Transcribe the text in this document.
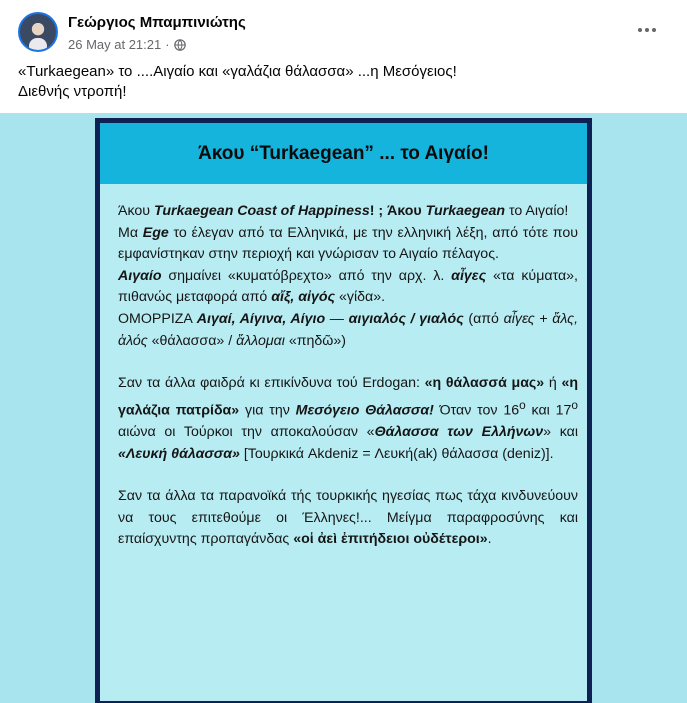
Γεώργιος Μπαμπινιώτης
26 May at 21:21 ·
«Turkaegean» το ....Αιγαίο και «γαλάζια θάλασσα» ...η Μεσόγειος!
Διεθνής ντροπή!
Άκου “Turkaegean” ... το Αιγαίο!

Άκου Turkaegean Coast of Happiness! ; Άκου Turkaegean το Αιγαίο!
Μα Ege το έλεγαν από τα Ελληνικά, με την ελληνική λέξη, από τότε που εμφανίστηκαν στην περιοχή και γνώρισαν το Αιγαίο πέλαγος.
Αιγαίο σημαίνει «κυματόβρεχτο» από την αρχ. λ. αἶγες «τα κύματα», πιθανώς μεταφορά από αἴξ, αἰγός «γίδα».
ΟΜΟΡΡΙΖΑ Αιγαί, Αίγινα, Αίγιο — αιγιαλός / γιαλός (από αἶγες + ἅλς, ἁλός «θάλασσα» / ἅλλομαι «πηδῶ»)

Σαν τα άλλα φαιδρά κι επικίνδυνα τού Erdogan: «η θάλασσά μας» ή «η γαλάζια πατρίδα» για την Μεσόγειο Θάλασσα! Όταν τον $16^o$ και $17^o$ αιώνα οι Τούρκοι την αποκαλούσαν «Θάλασσα των Ελλήνων» και «Λευκή θάλασσα» [Τουρκικά Akdeniz = Λευκή(ak) θάλασσα (deniz)].

Σαν τα άλλα τα παρανοϊκά τής τουρκικής ηγεσίας πως τάχα κινδυνεύουν να τους επιτεθούμε οι Έλληνες!... Μείγμα παραφροσύνης και επαίσχυντης προπαγάνδας «οἱ ἀεὶ ἐπιτήδειοι οὐδέτεροι».
